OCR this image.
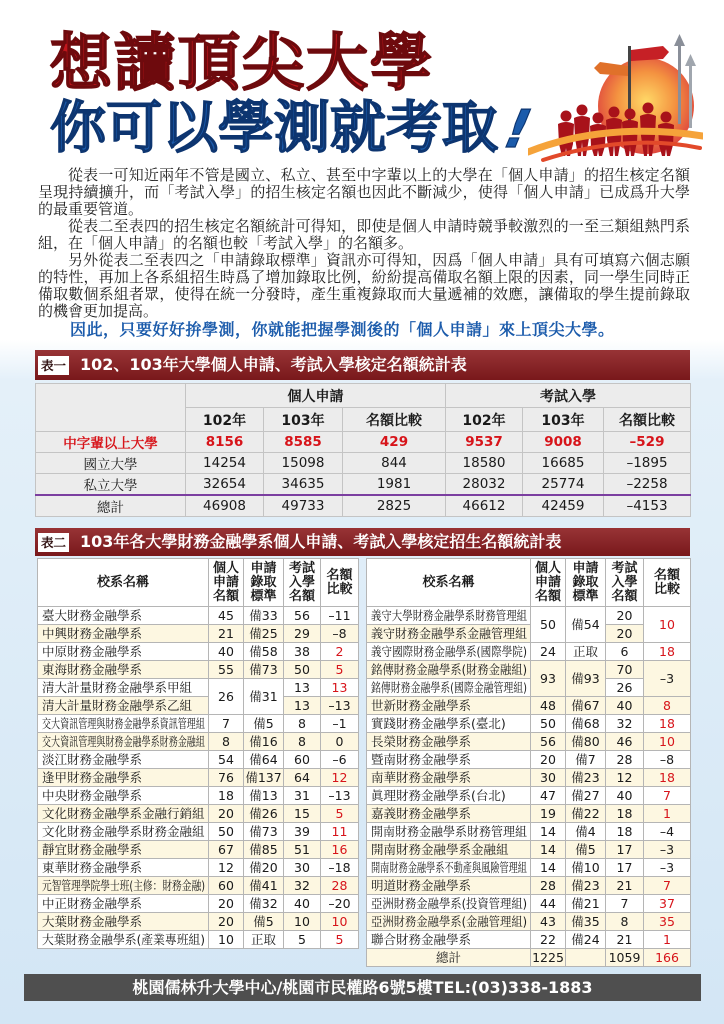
想讀頂尖大學
你可以學測就考取!

從表一可知近兩年不管是國立、私立、甚至中字輩以上的大學在「個人申請」的招生核定名額呈現持續擴升，而「考試入學」的招生核定名額也因此不斷減少，使得「個人申請」已成爲升大學的最重要管道。

從表二至表四的招生核定名額統計可得知，即使是個人申請時競爭較激烈的一至三類組熱門系組，在「個人申請」的名額也較「考試入學」的名額多。

另外從表二至表四之「申請錄取標準」資訊亦可得知，因爲「個人申請」具有可填寫六個志願的特性，再加上各系組招生時爲了增加錄取比例，紛紛提高備取名額上限的因素，同一學生同時正備取數個系組者眾，使得在統一分發時，產生重複錄取而大量遞補的效應，讓備取的學生提前錄取的機會更加提高。

因此，只要好好拚學測，你就能把握學測後的「個人申請」來上頂尖大學。
表一 102、103年大學個人申請、考試入學核定名額統計表
	個人申請			考試入學		
	102年	103年	名額比較	102年	103年	名額比較
中字輩以上大學	8156	8585	429	9537	9008	–529
國立大學	14254	15098	844	18580	16685	–1895
私立大學	32654	34635	1981	28032	25774	–2258
總計	46908	49733	2825	46612	42459	–4153
表二 103年各大學財務金融學系個人申請、考試入學核定招生名額統計表
校系名稱	個人
申請
名額	申請
錄取
標準	考試
入學
名額	名額
比較
臺大財務金融學系	45	備33	56	–11
中興財務金融學系	21	備25	29	–8
中原財務金融學系	40	備58	38	2
東海財務金融學系	55	備73	50	5
清大計量財務金融學系甲組	26	備31	13	13
清大計量財務金融學系乙組			13	–13
交大資訊管理與財務金融學系資訊管理組	7	備5	8	–1
交大資訊管理與財務金融學系財務金融組	8	備16	8	0
淡江財務金融學系	54	備64	60	–6
逢甲財務金融學系	76	備137	64	12
中央財務金融學系	18	備13	31	–13
文化財務金融學系金融行銷組	20	備26	15	5
文化財務金融學系財務金融組	50	備73	39	11
靜宜財務金融學系	67	備85	51	16
東華財務金融學系	12	備20	30	–18
元智管理學院學士班(主修：財務金融)	60	備41	32	28
中正財務金融學系	20	備32	40	–20
大葉財務金融學系	20	備5	10	10
大葉財務金融學系(產業專班組)	10	正取	5	5
校系名稱	個人
申請
名額	申請
錄取
標準	考試
入學
名額	名額
比較
義守大學財務金融學系財務管理組	50	備54	20	10
義守財務金融學系金融管理組			20	
義守國際財務金融學系(國際學院)	24	正取	6	18
銘傳財務金融學系(財務金融組)	93	備93	70	–3
銘傳財務金融學系(國際金融管理組)			26	
世新財務金融學系	48	備67	40	8
實踐財務金融學系(臺北)	50	備68	32	18
長榮財務金融學系	56	備80	46	10
暨南財務金融學系	20	備7	28	–8
南華財務金融學系	30	備23	12	18
眞理財務金融學系(台北)	47	備27	40	7
嘉義財務金融學系	19	備22	18	1
開南財務金融學系財務管理組	14	備4	18	–4
開南財務金融學系金融組	14	備5	17	–3
開南財務金融學系不動產與風險管理組	14	備10	17	–3
明道財務金融學系	28	備23	21	7
亞洲財務金融學系(投資管理組)	44	備21	7	37
亞洲財務金融學系(金融管理組)	43	備35	8	35
聯合財務金融學系	22	備24	21	1
總計	1225		1059	166
桃園儒林升大學中心/桃園市民權路6號5樓TEL:(03)338-1883
